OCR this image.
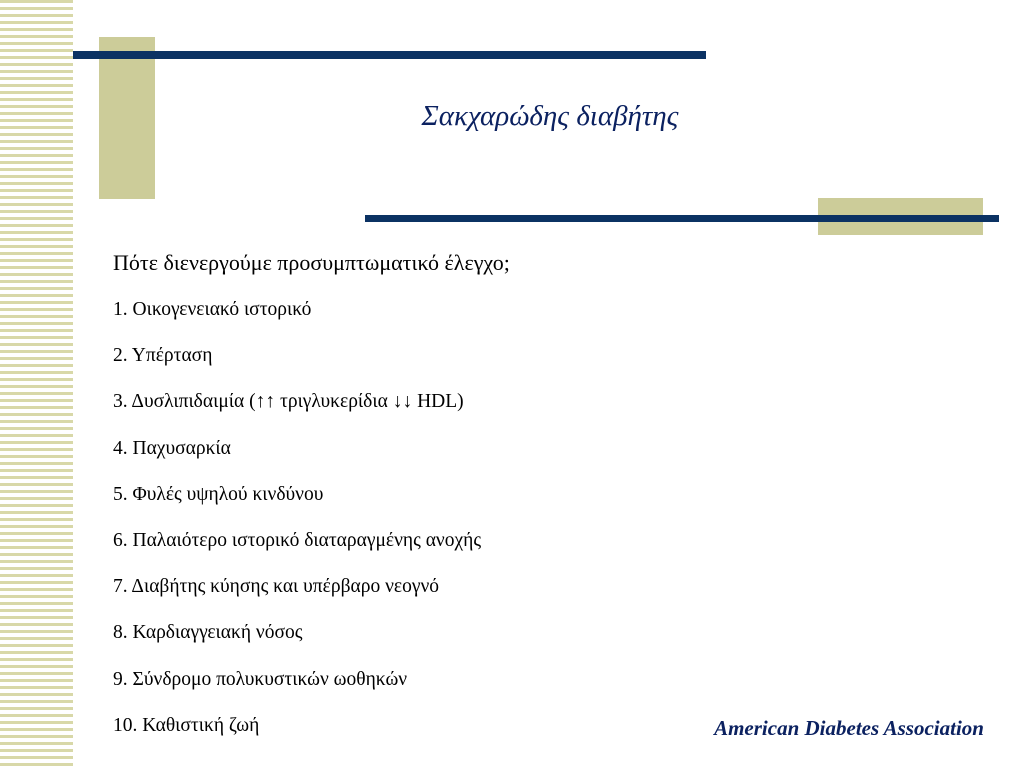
Σακχαρώδης διαβήτης
Πότε διενεργούμε προσυμπτωματικό έλεγχο;
1. Οικογενειακό ιστορικό
2. Υπέρταση
3. Δυσλιπιδαιμία (↑↑ τριγλυκερίδια ↓↓ HDL)
4. Παχυσαρκία
5. Φυλές υψηλού κινδύνου
6. Παλαιότερο ιστορικό διαταραγμένης ανοχής
7. Διαβήτης κύησης και υπέρβαρο νεογνό
8. Καρδιαγγειακή νόσος
9. Σύνδρομο πολυκυστικών ωοθηκών
10. Καθιστική ζωή	American Diabetes Association
